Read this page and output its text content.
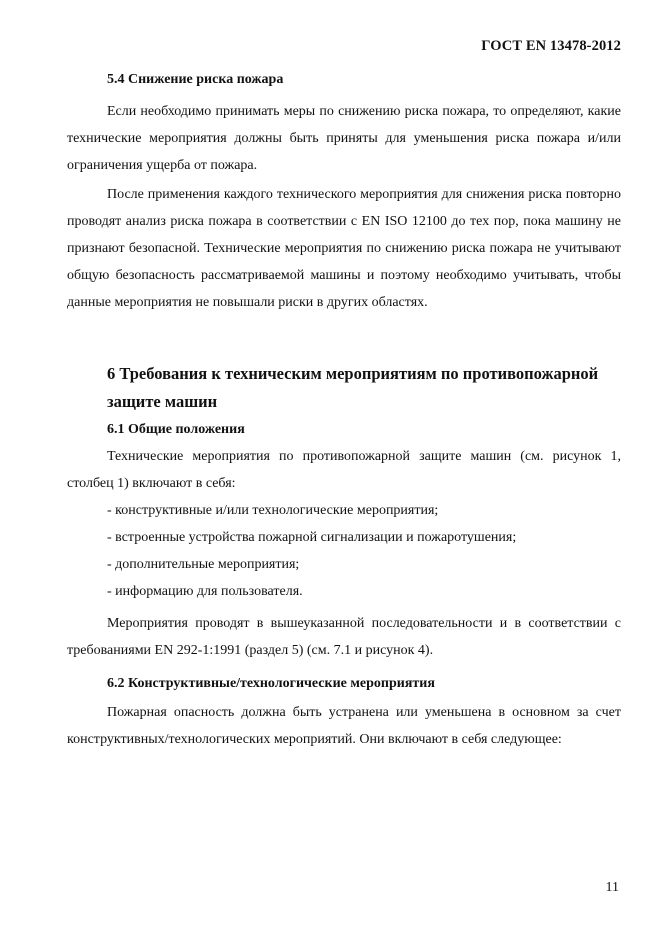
ГОСТ EN 13478-2012
5.4 Снижение риска пожара

Если необходимо принимать меры по снижению риска пожара, то определяют, какие технические мероприятия должны быть приняты для уменьшения риска пожара и/или ограничения ущерба от пожара.

После применения каждого технического мероприятия для снижения риска повторно проводят анализ риска пожара в соответствии с EN ISO 12100 до тех пор, пока машину не признают безопасной. Технические мероприятия по снижению риска пожара не учитывают общую безопасность рассматриваемой машины и поэтому необходимо учитывать, чтобы данные мероприятия не повышали риски в других областях.

6 Требования к техническим мероприятиям по противопожарной
защите машин
6.1 Общие положения

Технические мероприятия по противопожарной защите машин (см. рисунок 1, столбец 1) включают в себя:

- конструктивные и/или технологические мероприятия;
- встроенные устройства пожарной сигнализации и пожаротушения;
- дополнительные мероприятия;
- информацию для пользователя.

Мероприятия проводят в вышеуказанной последовательности и в соответствии с требованиями EN 292-1:1991 (раздел 5) (см. 7.1 и рисунок 4).

6.2 Конструктивные/технологические мероприятия

Пожарная опасность должна быть устранена или уменьшена в основном за счет конструктивных/технологических мероприятий. Они включают в себя следующее:

11
